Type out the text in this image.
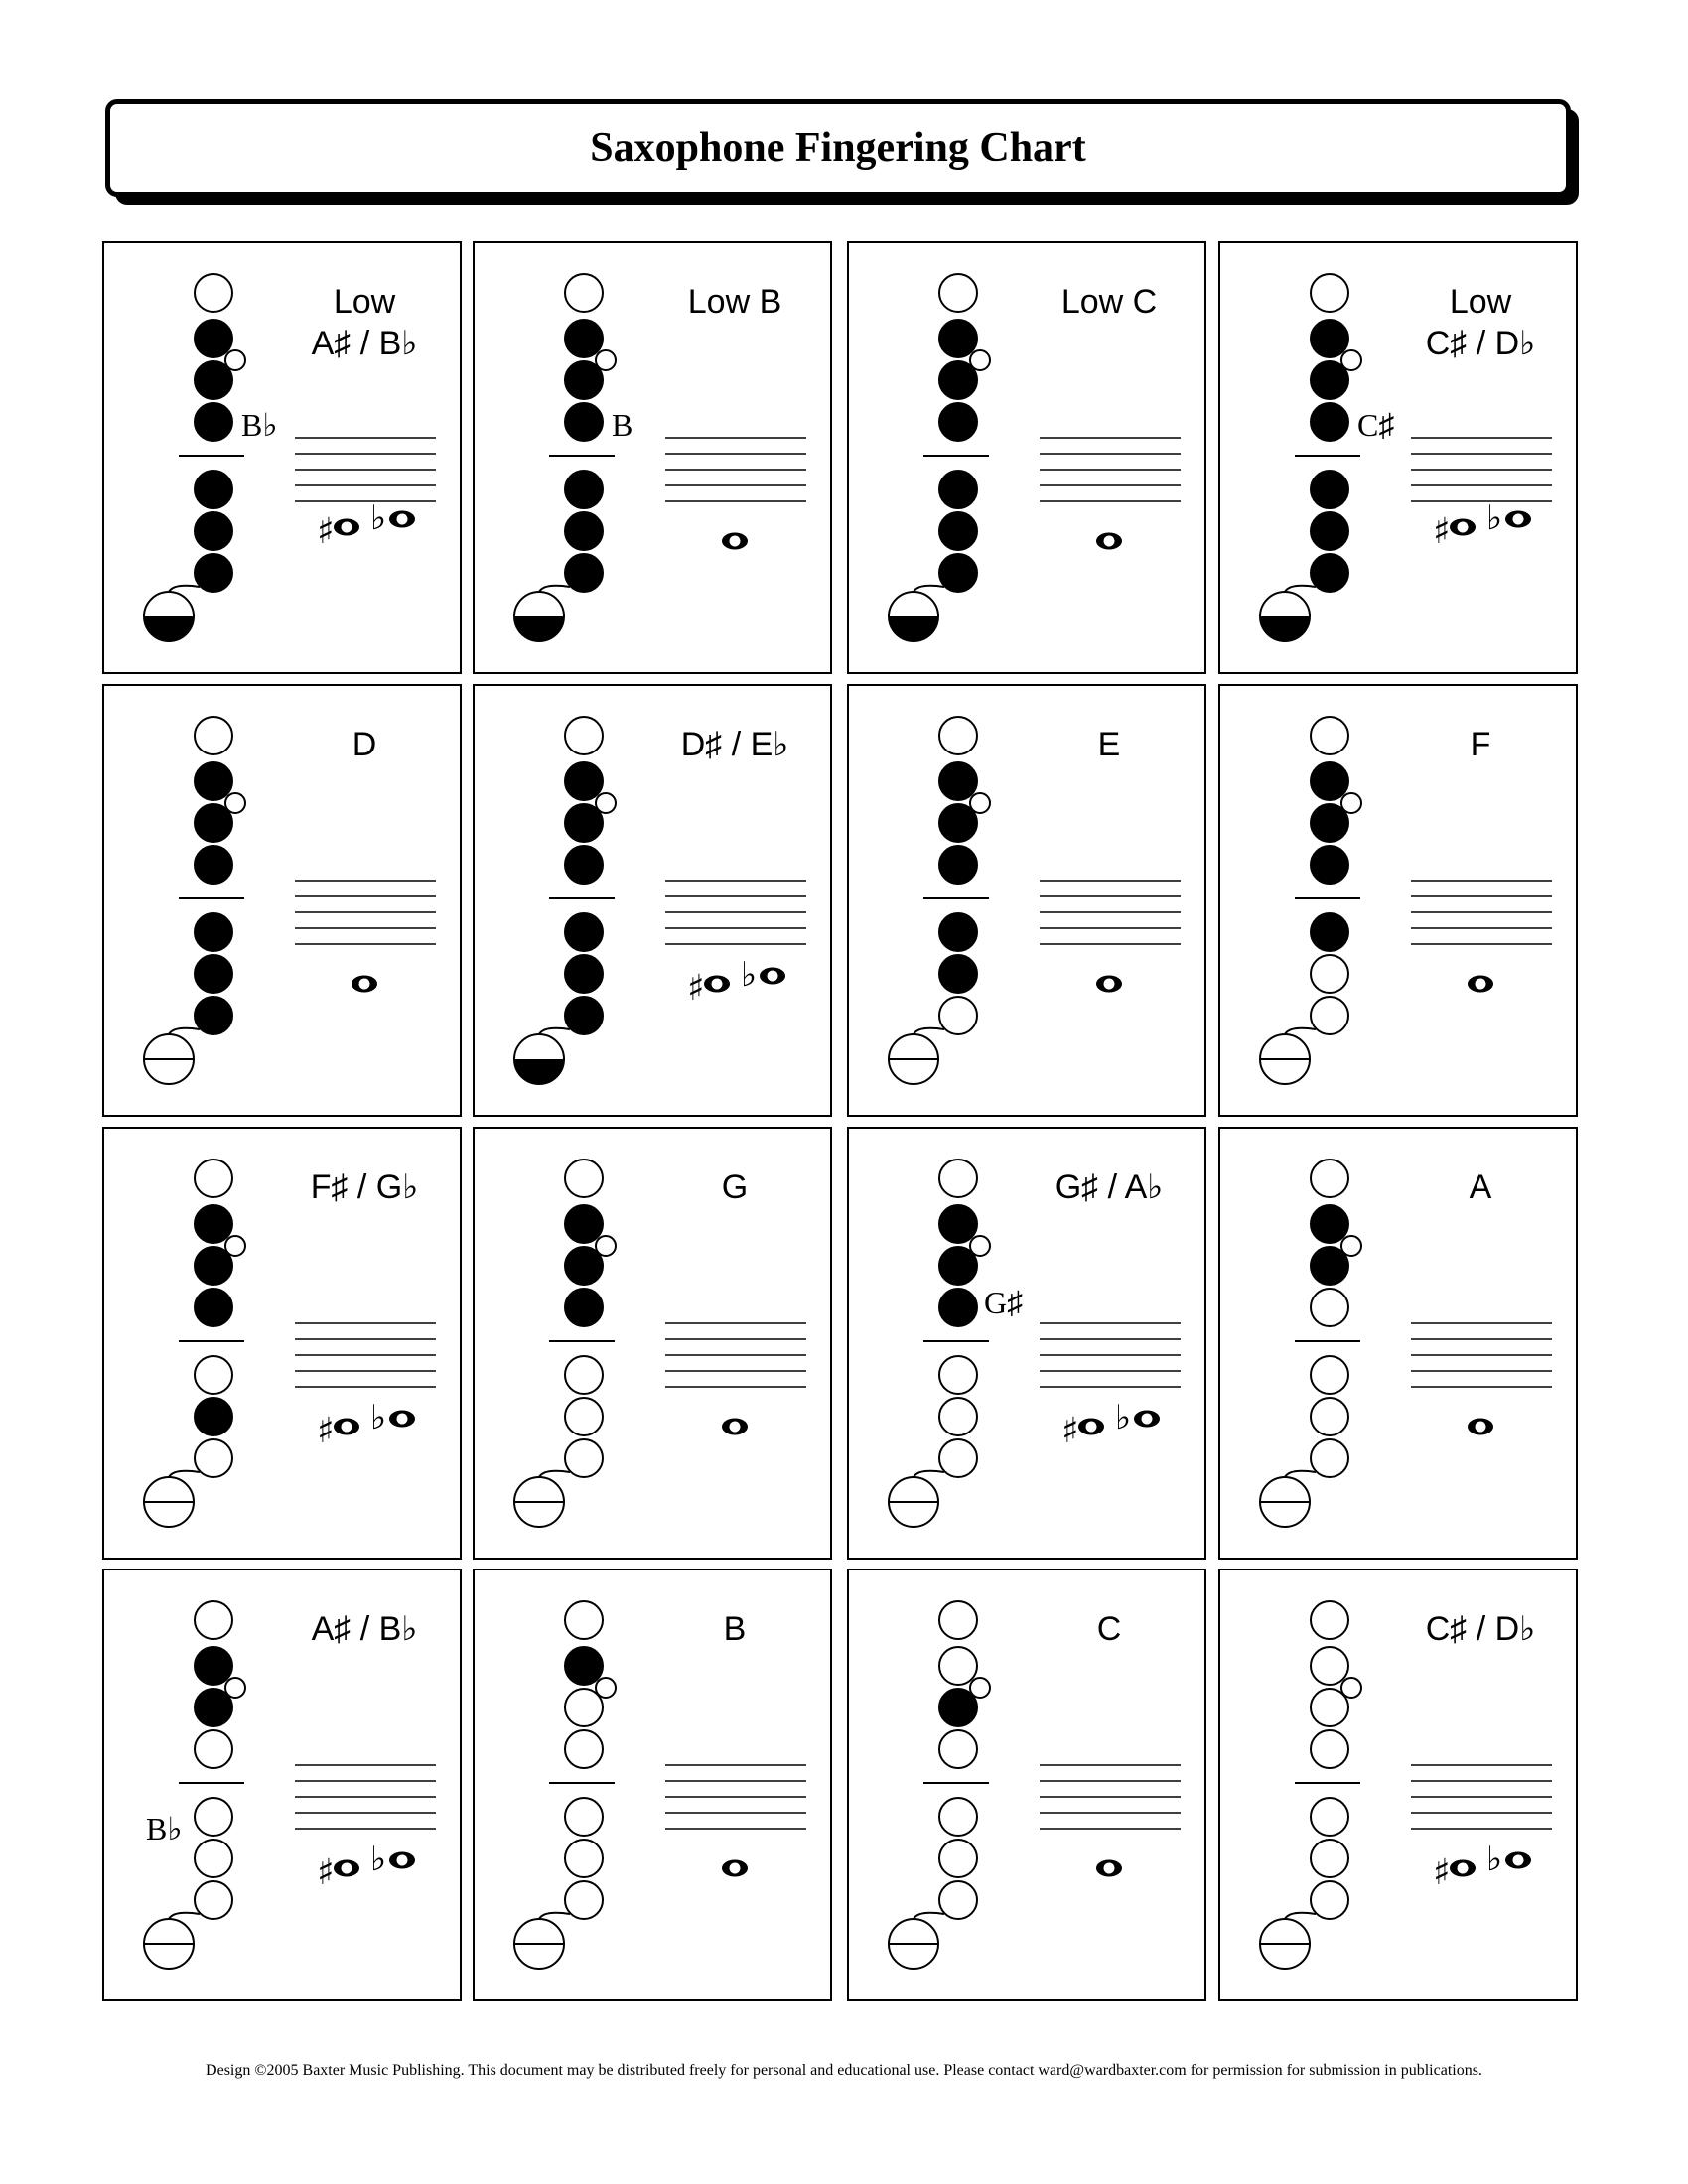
Saxophone Fingering Chart
B♭
Low
A♯ / B♭
♯ ♭
B
Low B	Low C
C♯
Low
C♯ / D♭
♯ ♭
D	D♯ / E♭
♯ ♭
E	F
F♯ / G♭
♯ ♭
G
G♯
G♯ / A♭
♯ ♭
A
B♭
A♯ / B♭
♯ ♭
B	C	C♯ / D♭
♯ ♭
Design ©2005 Baxter Music Publishing. This document may be distributed freely for personal and educational use. Please contact ward@wardbaxter.com for permission for submission in publications.
